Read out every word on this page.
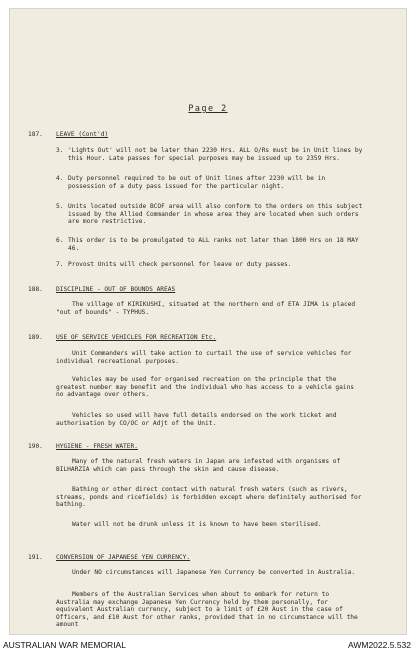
Page 2
187. LEAVE (Cont'd)
3. 'Lights Out' will not be later than 2230 Hrs. ALL O/Rs must be in Unit lines by this Hour. Late passes for special purposes may be issued up to 2359 Hrs.
4. Duty personnel required to be out of Unit lines after 2230 will be in possession of a duty pass issued for the particular night.
5. Units located outside BCOF area will also conform to the orders on this subject issued by the Allied Commander in whose area they are located when such orders are more restrictive.
6. This order is to be promulgated to ALL ranks not later than 1800 Hrs on 18 MAY 46.
7. Provost Units will check personnel for leave or duty passes.
188. DISCIPLINE - OUT OF BOUNDS AREAS
The village of KIRIKUSHI, situated at the northern end of ETA JIMA is placed "out of bounds" - TYPHUS.
189. USE OF SERVICE VEHICLES FOR RECREATION Etc.
Unit Commanders will take action to curtail the use of service vehicles for individual recreational purposes.
Vehicles may be used for organised recreation on the principle that the greatest number may benefit and the individual who has access to a vehicle gains no advantage over others.
Vehicles so used will have full details endorsed on the work ticket and authorisation by CO/OC or Adjt of the Unit.
190. HYGIENE - FRESH WATER.
Many of the natural fresh waters in Japan are infested with organisms of BILHARZIA which can pass through the skin and cause disease.
Bathing or other direct contact with natural fresh waters (such as rivers, streams, ponds and ricefields) is forbidden except where definitely authorised for bathing.
Water will not be drunk unless it is known to have been sterilised.
191. CONVERSION OF JAPANESE YEN CURRENCY.
Under NO circumstances will Japanese Yen Currency be converted in Australia.
Members of the Australian Services when about to embark for return to Australia may exchange Japanese Yen Currency held by them personally, for equivalent Australian currency, subject to a limit of £20 Aust in the case of Officers, and £10 Aust for other ranks, provided that in no circumstance will the amount
AUSTRALIAN WAR MEMORIAL	AWM2022.5.532
